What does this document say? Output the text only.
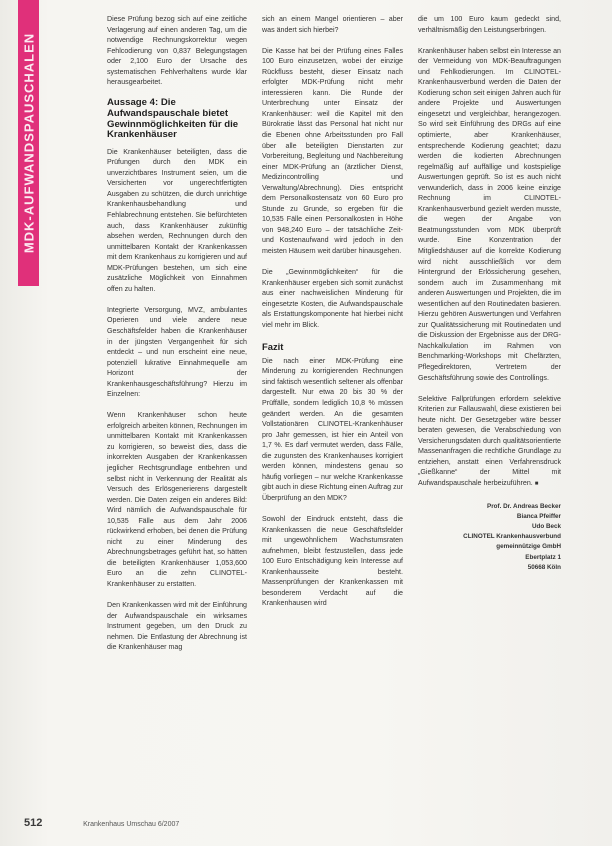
MDK-AUFWANDSPAUSCHALEN

Diese Prüfung bezog sich auf eine zeitliche Verlagerung auf einen anderen Tag, um die notwendige Rechnungskorrektur wegen Fehlcodierung von 0,837 Belegungstagen oder 2,100 Euro der Ursache des systematischen Fehlverhaltens wurde klar herausgearbeitet.

Aussage 4: Die Aufwandspauschale bietet Gewinnmöglichkeiten für die Krankenhäuser

Die Krankenhäuser beteiligten, dass die Prüfungen durch den MDK ein unverzichtbares Instrument seien, um die Versicherten vor ungerechtfertigten Ausgaben zu schützen, die durch unrichtige Krankenhausbehandlung und Fehlabrechnung entstehen. Sie befürchteten auch, dass Krankenhäuser zukünftig absehen werden, Rechnungen durch den unmittelbaren Kontakt der Krankenkassen mit dem Krankenhaus zu korrigieren und auf MDK-Prüfungen bestehen, um sich eine zusätzliche Möglichkeit von Einnahmen offen zu halten.

Integrierte Versorgung, MVZ, ambulantes Operieren und viele andere neue Geschäftsfelder haben die Krankenhäuser in der jüngsten Vergangenheit für sich entdeckt – und nun erscheint eine neue, potenziell lukrative Einnahmequelle am Horizont der Krankenhausgeschäftsführung? Hierzu im Einzelnen:

Wenn Krankenhäuser schon heute erfolgreich arbeiten können, Rechnungen im unmittelbaren Kontakt mit Krankenkassen zu korrigieren, so beweist dies, dass die inkorrekten Ausgaben der Krankenkassen jeglicher Rechtsgrundlage entbehren und selbst nicht in Verkennung der Realität als Versuch des Erlösgenerierens dargestellt werden. Die Daten zeigen ein anderes Bild: Wird nämlich die Aufwandspauschale für 10,535 Fälle aus dem Jahr 2006 rückwirkend erhoben, bei denen die Prüfung nicht zu einer Minderung des Abrechnungsbetrages geführt hat, so hätten die beteiligten Krankenhäuser 1,053,600 Euro an die zehn CLINOTEL-Krankenhäuser zu erstatten.

Den Krankenkassen wird mit der Einführung der Aufwandspauschale ein wirksames Instrument gegeben, um den Druck zu nehmen. Die Entlastung der Abrechnung ist die Krankenhäuser mag

sich an einem Mangel orientieren – aber was ändert sich hierbei?

Die Kasse hat bei der Prüfung eines Falles 100 Euro einzusetzen, wobei der einzige Rückfluss besteht, dieser Einsatz nach erfolgter MDK-Prüfung nicht mehr interessieren kann. Die Runde der Unterbrechung unter Einsatz der Krankenhäuser: weil die Kapitel mit den Bürokratie lässt das Personal hat nicht nur die Ebenen ohne Arbeitsstunden pro Fall über alle beteiligten Dienstarten zur Vorbereitung, Begleitung und Nachbereitung einer MDK-Prüfung an (ärztlicher Dienst, Medizincontrolling und Verwaltung/Abrechnung). Dies entspricht dem Personalkostensatz von 60 Euro pro Stunde zu Grunde, so ergeben für die 10,535 Fälle einen Personalkosten in Höhe von 948,240 Euro – der tatsächliche Zeit- und Kostenaufwand wird jedoch in den meisten Häusern weit darüber hinausgehen.

Die „Gewinnmöglichkeiten“ für die Krankenhäuser ergeben sich somit zunächst aus einer nachweislichen Minderung für eingesetzte Kosten, die Aufwandspauschale als Erstattungskomponente hat hierbei nicht viel mehr im Blick.

Fazit

Die nach einer MDK-Prüfung eine Minderung zu korrigierenden Rechnungen sind faktisch wesentlich seltener als offenbar dargestellt. Nur etwa 20 bis 30 % der Prüffälle, sondern lediglich 10,8 % müssen geändert werden. An die gesamten Vollstationären CLINOTEL-Krankenhäuser pro Jahr gemessen, ist hier ein Anteil von 1,7 %. Es darf vermutet werden, dass Fälle, die zugunsten des Krankenhauses korrigiert werden können, mindestens genau so häufig vorliegen – nur welche Krankenkasse gibt auch in diese Richtung einen Auftrag zur Überprüfung an den MDK?

Sowohl der Eindruck entsteht, dass die Krankenkassen die neue Geschäftsfelder mit ungewöhnlichem Wachstumsraten aufnehmen, bleibt festzustellen, dass jede 100 Euro Entschädigung kein Interesse auf Krankenhausseite besteht. Massenprüfungen der Krankenkassen mit besonderem Verdacht auf die Krankenhausen wird

die um 100 Euro kaum gedeckt sind, verhältnismäßig den Leistungserbringen.

Krankenhäuser haben selbst ein Interesse an der Vermeidung von MDK-Beauftragungen und Fehlkodierungen. Im CLINOTEL-Krankenhausverbund werden die Daten der Kodierung schon seit einigen Jahren auch für andere Projekte und Auswertungen eingesetzt und vergleichbar, herangezogen. So wird seit Einführung des DRGs auf eine optimierte, aber Krankenhäuser, entsprechende Kodierung geachtet; dazu werden die kodierten Abrechnungen regelmäßig auf auffällige und kostspielige Auswertungen geprüft. So ist es auch nicht verwunderlich, dass in 2006 keine einzige Rechnung im CLINOTEL-Krankenhausverbund gezielt werden musste, die wegen der Angabe von Beatmungsstunden vom MDK überprüft wurde. Eine Konzentration der Mitgliedshäuser auf die korrekte Kodierung wird nicht ausschließlich vor dem Hintergrund der Erlössicherung gesehen, sondern auch im Zusammenhang mit anderen Auswertungen und Projekten, die im wesentlichen auf den Routinedaten basieren. Hierzu gehören Auswertungen und Verfahren zur Qualitätssicherung mit Routinedaten und die Diskussion der Ergebnisse aus der DRG-Nachkalkulation im Rahmen von Benchmarking-Workshops mit Chefärzten, Pflegedirektoren, Vertretern der Geschäftsführung sowie des Controllings.

Selektive Fallprüfungen erfordern selektive Kriterien zur Fallauswahl, diese existieren bei heute nicht. Der Gesetzgeber wäre besser beraten gewesen, die Verabschiedung von Versicherungsdaten durch qualitätsorientierte Massenanfragen die rechtliche Grundlage zu entziehen, anstatt einen Verfahrensdruck „Gießkanne“ der Mittel mit Aufwandspauschale herbeizuführen. ■

Prof. Dr. Andreas Becker
Bianca Pfeiffer
Udo Beck
CLINOTEL Krankenhausverbund
gemeinnützige GmbH
Ebertplatz 1
50668 Köln
512	Krankenhaus Umschau 6/2007
